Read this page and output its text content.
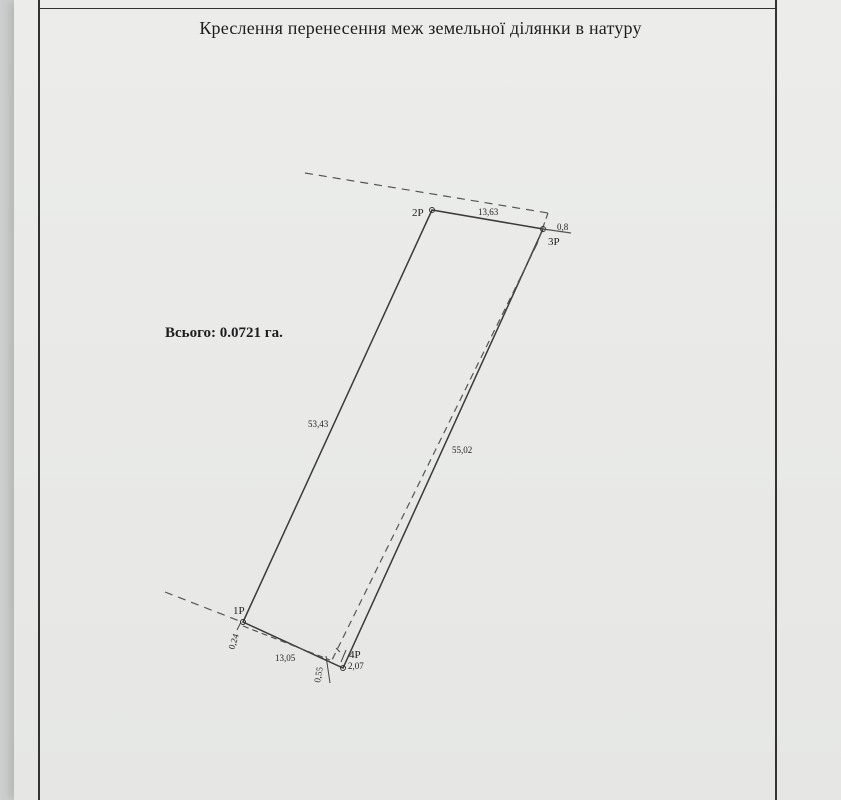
Креслення перенесення меж земельної ділянки в натуру
Всього: 0.0721 га.
1Р
2Р
3Р
4Р
53,43
13,63
55,02
13,05
0,24
0,8
0,55
2,07
